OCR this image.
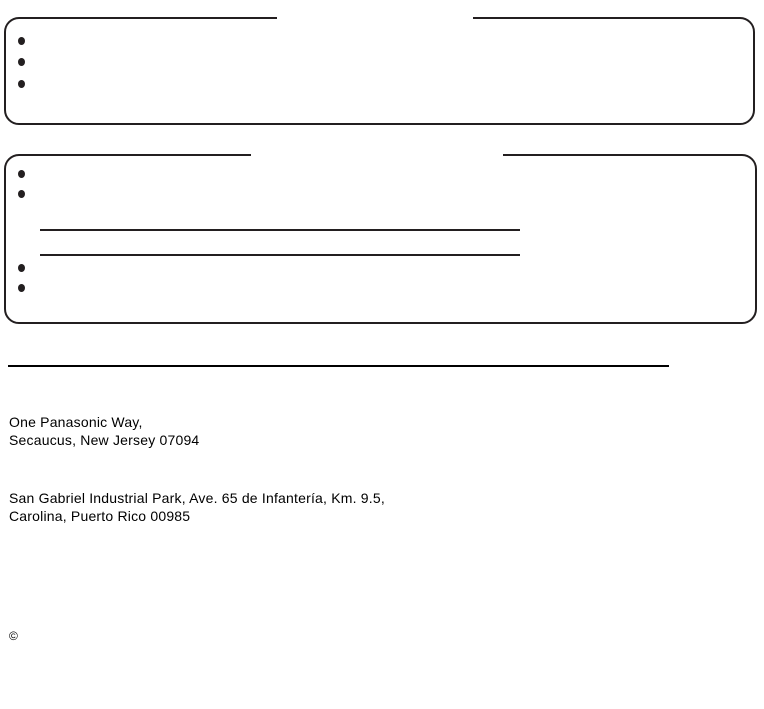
One Panasonic Way,
Secaucus, New Jersey 07094
San Gabriel Industrial Park, Ave. 65 de Infantería, Km. 9.5,
Carolina, Puerto Rico 00985
©
